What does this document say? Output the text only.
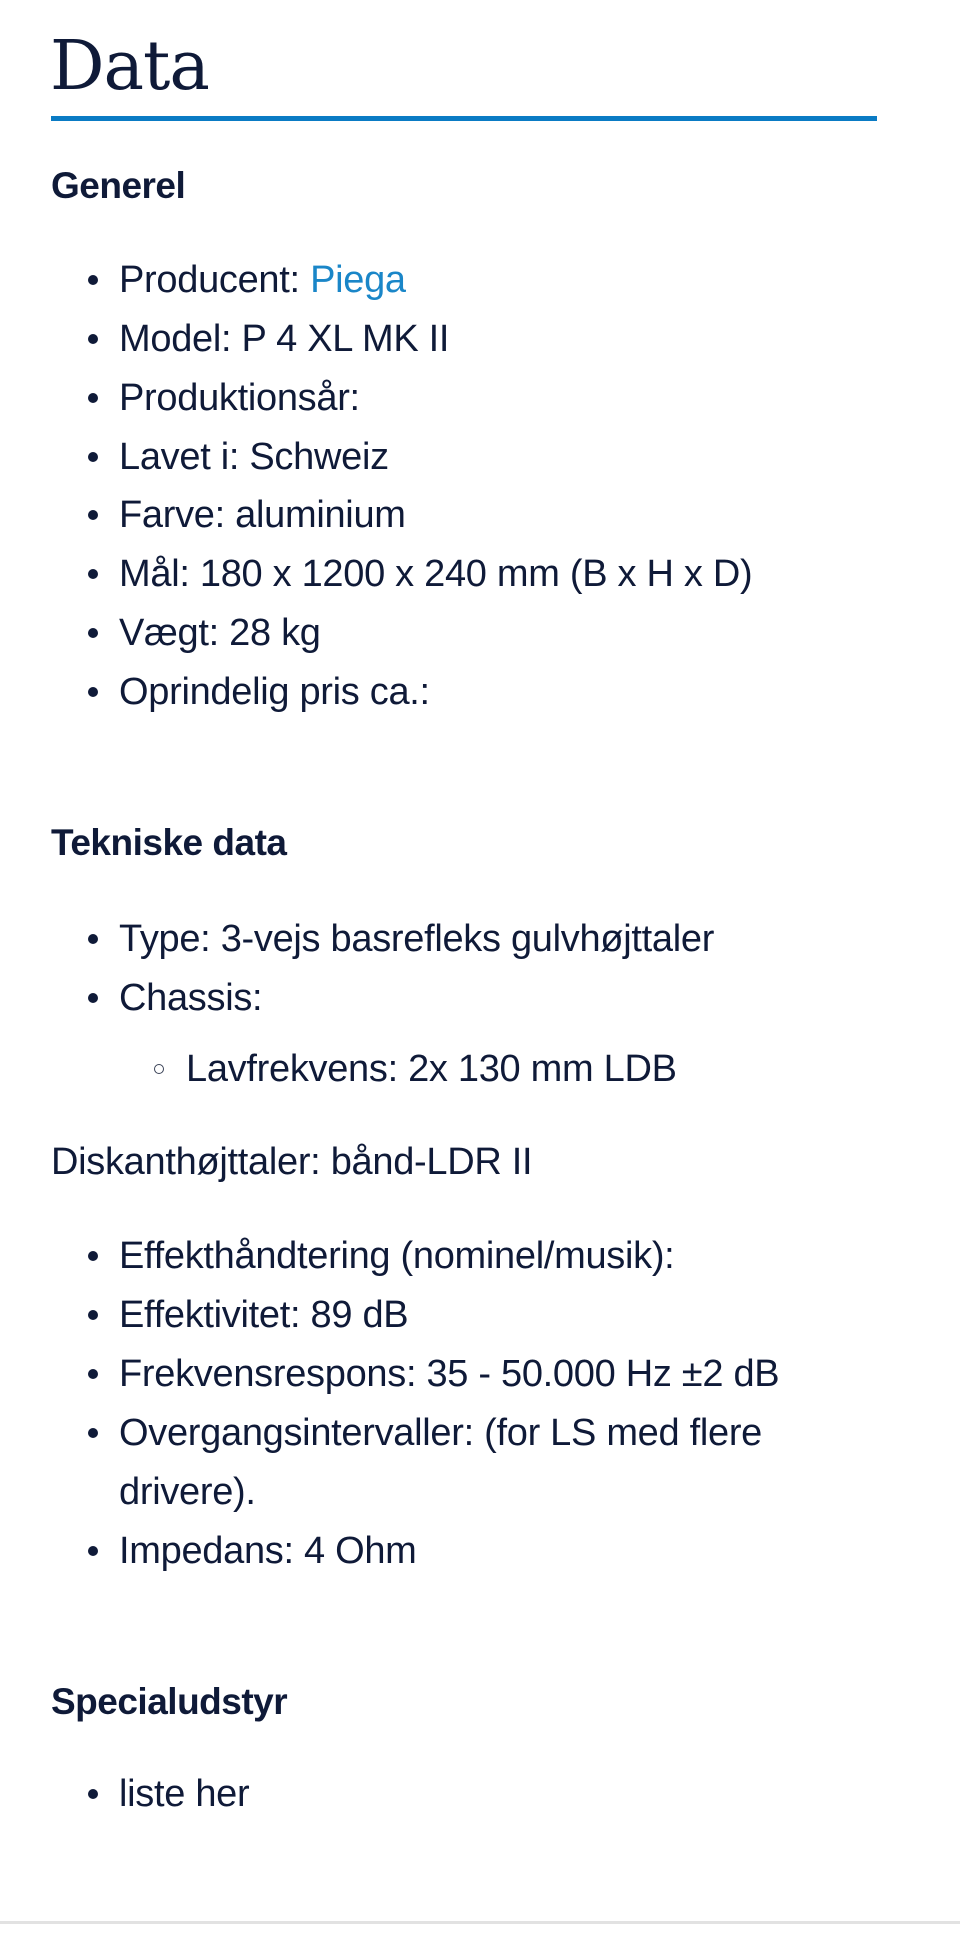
Data
Generel
Producent: Piega
Model: P 4 XL MK II
Produktionsår:
Lavet i: Schweiz
Farve: aluminium
Mål: 180 x 1200 x 240 mm (B x H x D)
Vægt: 28 kg
Oprindelig pris ca.:
Tekniske data
Type: 3-vejs basrefleks gulvhøjttaler
Chassis:
Lavfrekvens: 2x 130 mm LDB
Diskanthøjttaler: bånd-LDR II
Effekthåndtering (nominel/musik):
Effektivitet: 89 dB
Frekvensrespons: 35 - 50.000 Hz ±2 dB
Overgangsintervaller: (for LS med flere
drivere).
Impedans: 4 Ohm
Specialudstyr
liste her
